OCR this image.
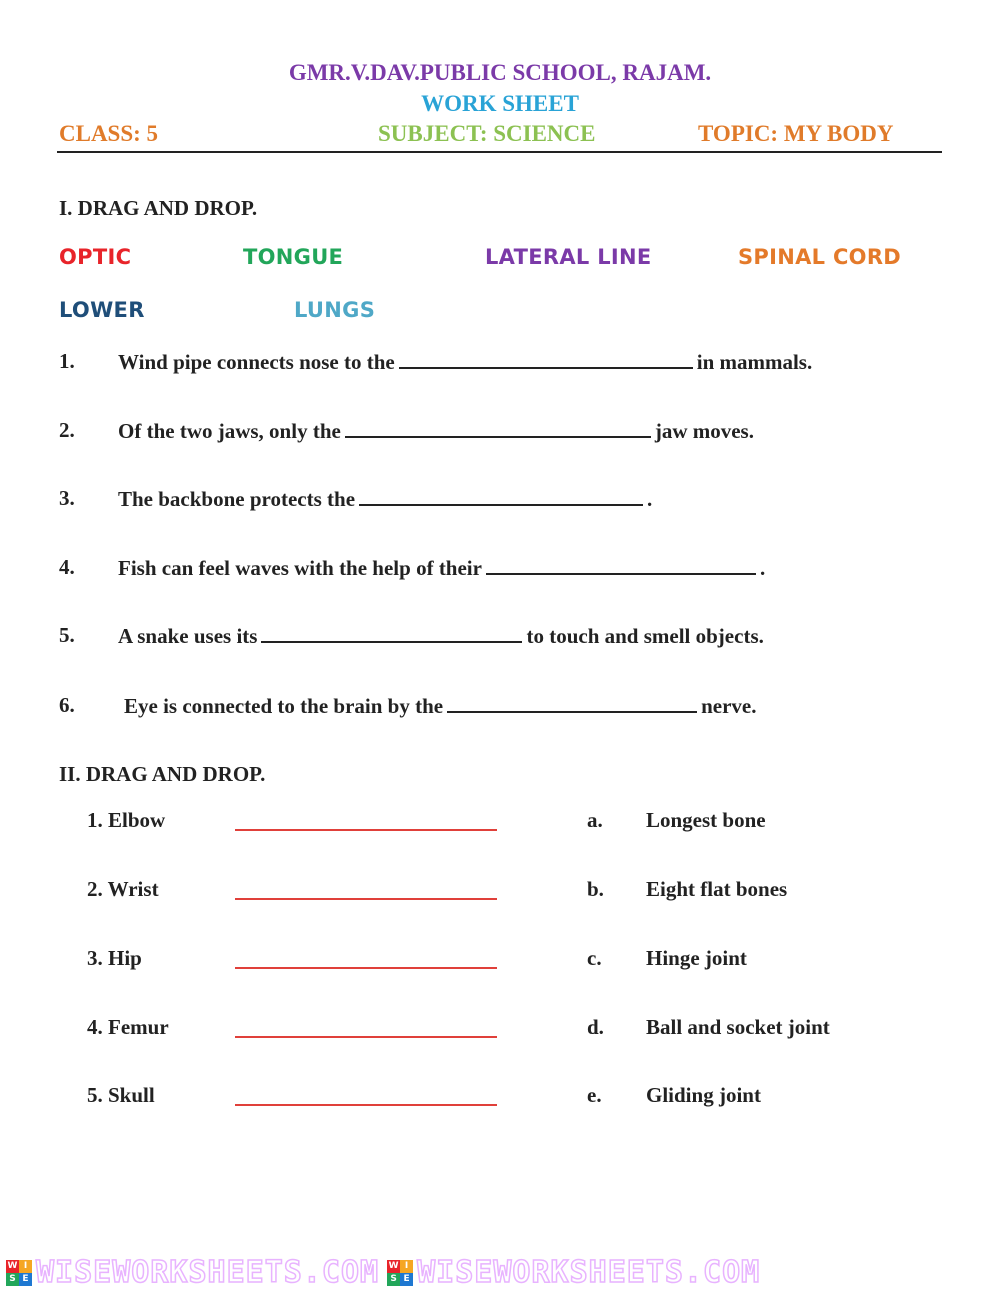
GMR.V.DAV.PUBLIC SCHOOL, RAJAM.
WORK SHEET
CLASS: 5	SUBJECT: SCIENCE	TOPIC: MY BODY
I. DRAG AND DROP.
OPTIC	TONGUE	LATERAL LINE	SPINAL CORD
LOWER	LUNGS
1. Wind pipe connects nose to the	in mammals.
2. Of the two jaws, only the	jaw moves.
3. The backbone protects the	.
4. Fish can feel waves with the help of their	.
5. A snake uses its	to touch and smell objects.
6. Eye is connected to the brain by the	nerve.
II. DRAG AND DROP.
1. Elbow	a. Longest bone
2. Wrist	b. Eight flat bones
3. Hip	c. Hinge joint
4. Femur	d. Ball and socket joint
5. Skull	e. Gliding joint
W I
S E WISEWORKSHEETS.COM W I
S E WISEWORKSHEETS.COM
